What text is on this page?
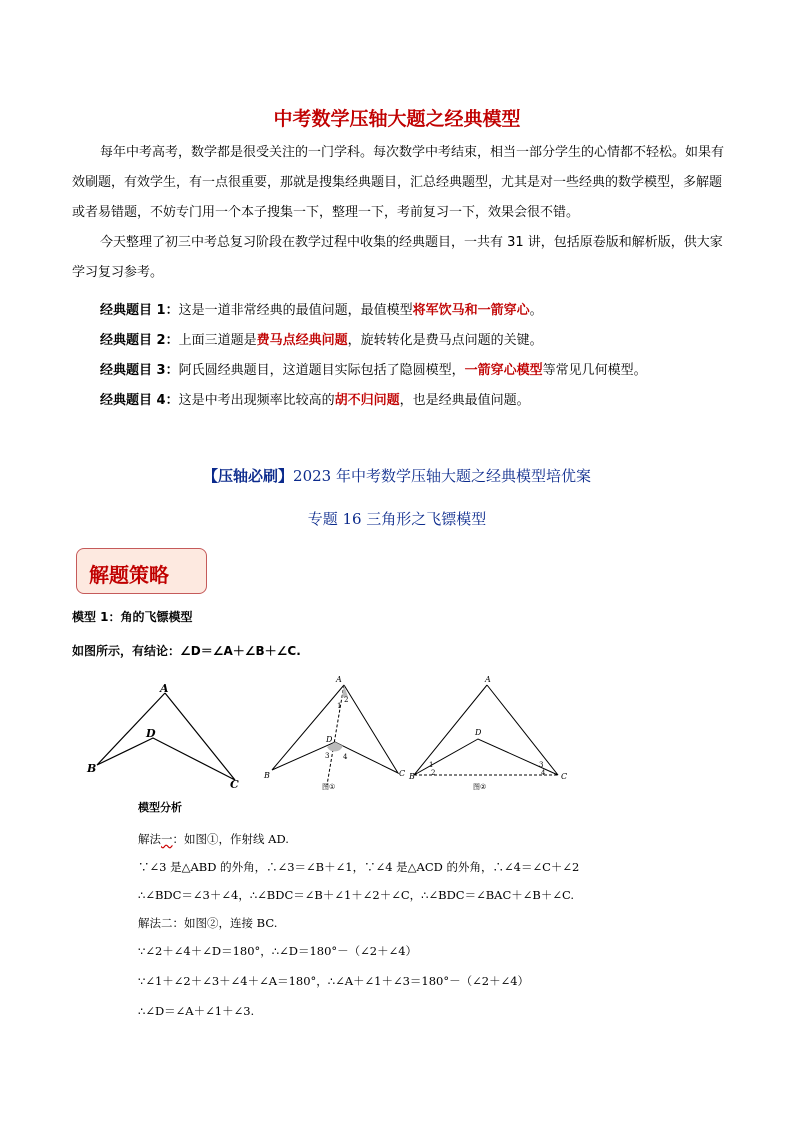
中考数学压轴大题之经典模型

每年中考高考，数学都是很受关注的一门学科。每次数学中考结束，相当一部分学生的心情都不轻松。如果有效刷题，有效学生，有一点很重要，那就是搜集经典题目，汇总经典题型，尤其是对一些经典的数学模型，多解题或者易错题，不妨专门用一个本子搜集一下，整理一下，考前复习一下，效果会很不错。

今天整理了初三中考总复习阶段在教学过程中收集的经典题目，一共有 31 讲，包括原卷版和解析版，供大家学习复习参考。

经典题目 1：这是一道非常经典的最值问题，最值模型将军饮马和一箭穿心。
经典题目 2：上面三道题是费马点经典问题，旋转转化是费马点问题的关键。
经典题目 3：阿氏圆经典题目，这道题目实际包括了隐圆模型，一箭穿心模型等常见几何模型。
经典题目 4：这是中考出现频率比较高的胡不归问题，也是经典最值问题。
【压轴必刷】2023 年中考数学压轴大题之经典模型培优案
专题 16 三角形之飞镖模型
解题策略
模型 1：角的飞镖模型
如图所示，有结论：∠D＝∠A＋∠B＋∠C.
A
B
C
D
A
B	C
D
1
2
3 4
图①
A
B	C
D
1
2
3
4
图②
模型分析
解法一：如图①，作射线 AD.
∵∠3 是△ABD 的外角，∴∠3＝∠B＋∠1，∵∠4 是△ACD 的外角，∴∠4＝∠C＋∠2
∴∠BDC＝∠3＋∠4，∴∠BDC＝∠B＋∠1＋∠2＋∠C，∴∠BDC＝∠BAC＋∠B＋∠C.
解法二：如图②，连接 BC.
∵∠2＋∠4＋∠D＝180°，∴∠D＝180°－（∠2＋∠4）
∵∠1＋∠2＋∠3＋∠4＋∠A＝180°，∴∠A＋∠1＋∠3＝180°－（∠2＋∠4）
∴∠D＝∠A＋∠1＋∠3.
